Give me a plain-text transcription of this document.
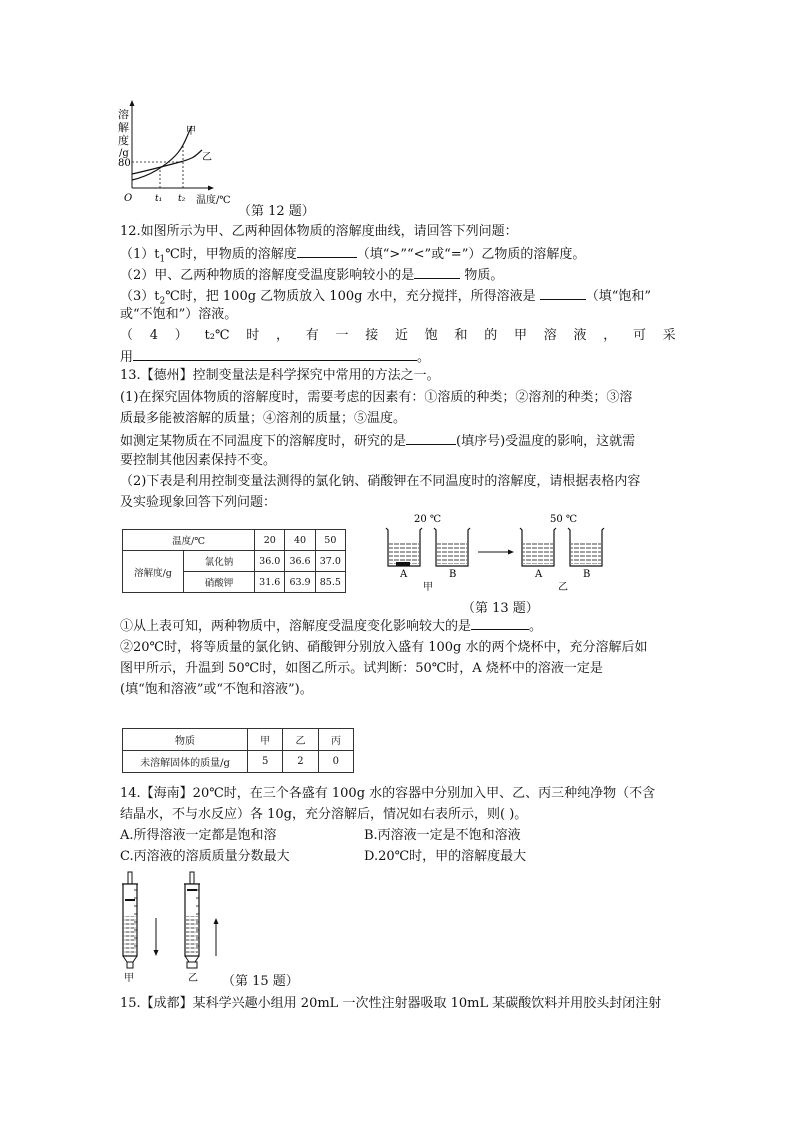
溶
解
度
/g
80
甲
乙
O	t₁ t₂ 温度/℃
（第 12 题）
12.如图所示为甲、乙两种固体物质的溶解度曲线，请回答下列问题：
$(1)t_1℃$时，甲物质的溶解度	（填“>”“<”或“=”）乙物质的溶解度。
（2）甲、乙两种物质的溶解度受温度影响较小的是	物质。
$(3)t_2℃$时，把 100g 乙物质放入 100g 水中，充分搅拌，所得溶液是	（填“饱和”
或“不饱和”）溶液。
（ 4 ） t₂℃ 时 ， 有 一 接 近 饱 和 的 甲 溶 液 ， 可 采
用	。
13.【德州】控制变量法是科学探究中常用的方法之一。
(1)在探究固体物质的溶解度时，需要考虑的因素有：①溶质的种类；②溶剂的种类；③溶
质最多能被溶解的质量；④溶剂的质量；⑤温度。
如测定某物质在不同温度下的溶解度时，研究的是	(填序号)受温度的影响，这就需
要控制其他因素保持不变。
（2)下表是利用控制变量法测得的氯化钠、硝酸钾在不同温度时的溶解度，请根据表格内容
及实验现象回答下列问题：
温度/℃		20	40	50
溶解度/g	氯化钠	36.0	36.6	37.0
	硝酸钾	31.6	63.9	85.5
20 ℃	50 ℃
A	B	A	B
甲	乙
（第 13 题）
①从上表可知，两种物质中，溶解度受温度变化影响较大的是	。
②20℃时，将等质量的氯化钠、硝酸钾分别放入盛有 100g 水的两个烧杯中，充分溶解后如
图甲所示，升温到 50℃时，如图乙所示。试判断：50℃时，A 烧杯中的溶液一定是
(填“饱和溶液”或“不饱和溶液”)。
物质	甲	乙	丙
未溶解固体的质量/g	5	2	0
14.【海南】20℃时，在三个各盛有 100g 水的容器中分别加入甲、乙、丙三种纯净物（不含
结晶水，不与水反应）各 10g，充分溶解后，情况如右表所示，则( )。
A.所得溶液一定都是饱和溶	B.丙溶液一定是不饱和溶液
C.丙溶液的溶质质量分数最大	D.20℃时，甲的溶解度最大
甲	乙 （第 15 题）
15.【成都】某科学兴趣小组用 20mL 一次性注射器吸取 10mL 某碳酸饮料并用胶头封闭注射
